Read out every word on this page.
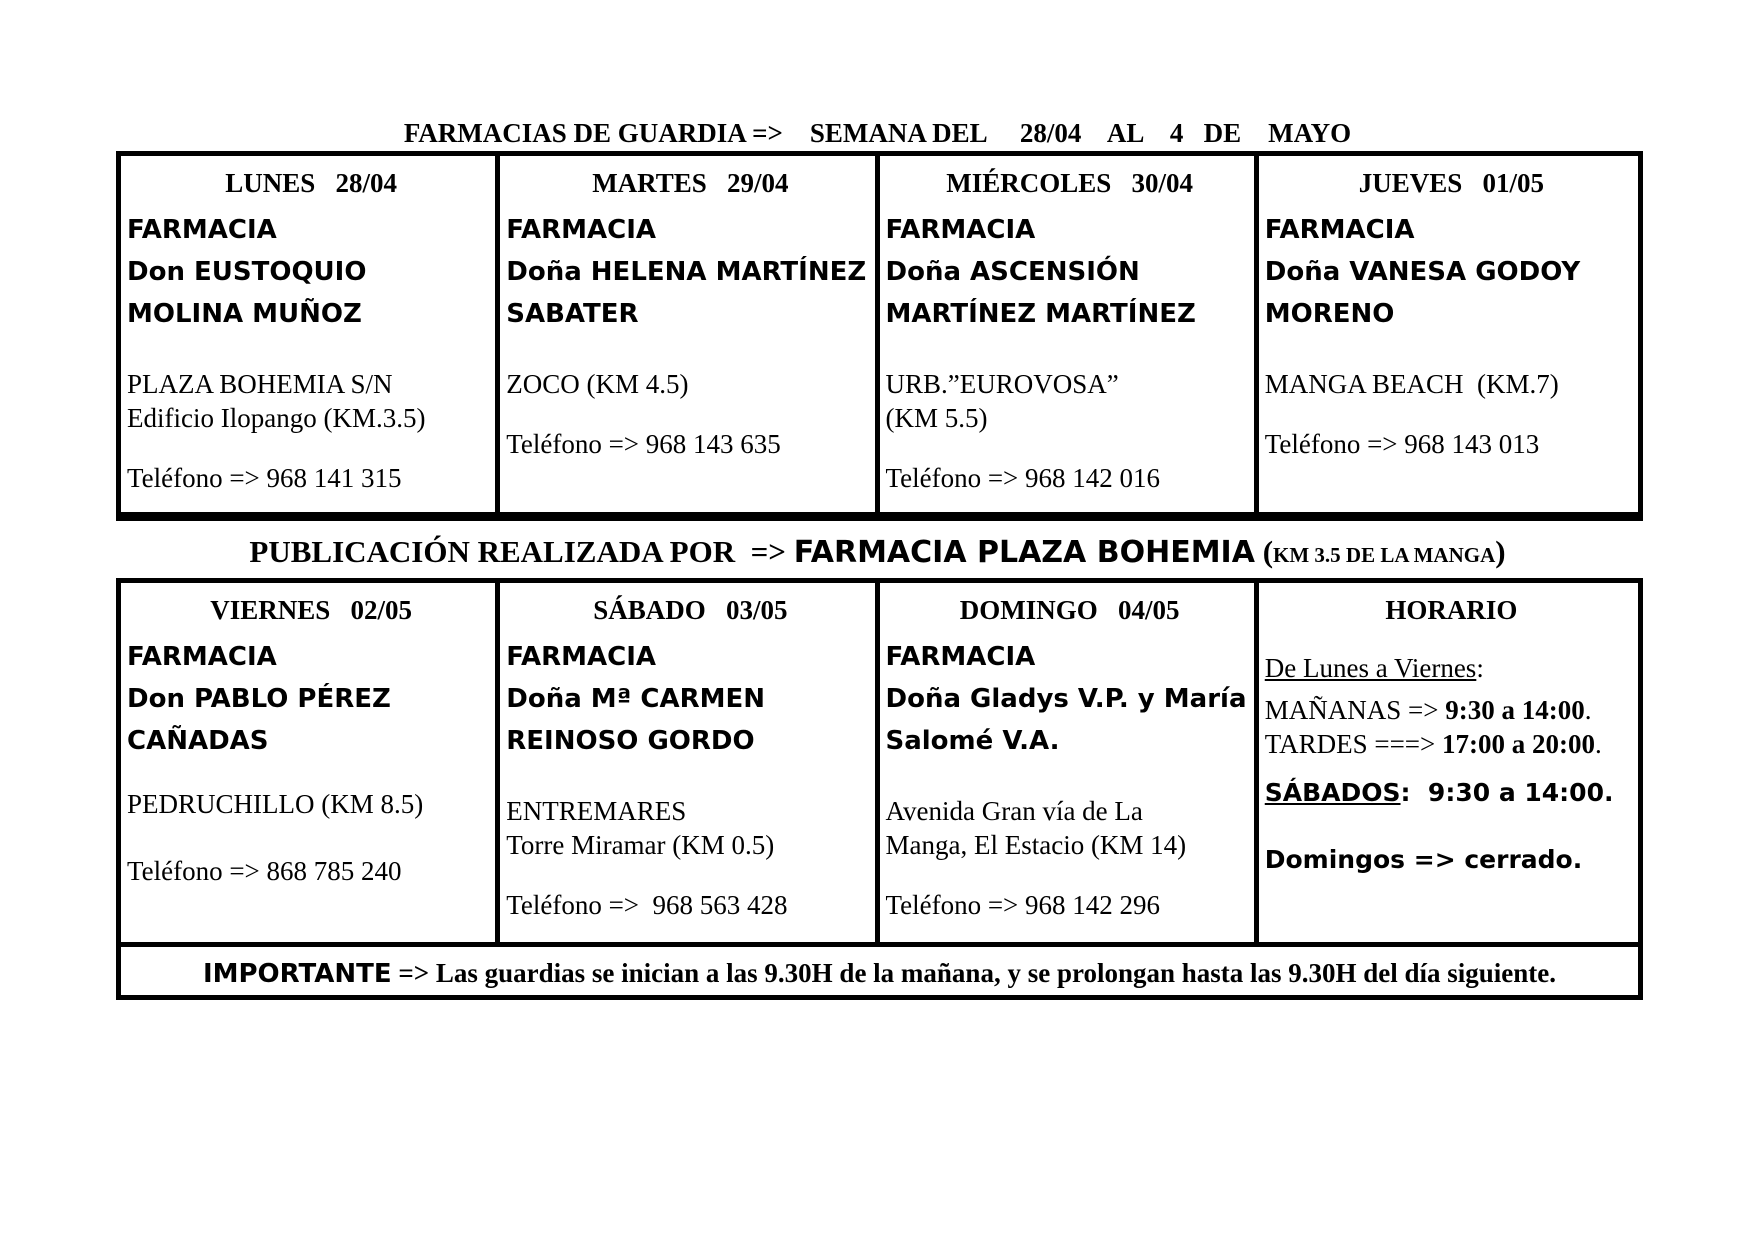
FARMACIAS DE GUARDIA =>    SEMANA DEL     28/04    AL    4   DE    MAYO
LUNES   28/04
FARMACIA
Don EUSTOQUIO
MOLINA MUÑOZ
PLAZA BOHEMIA S/N
Edificio Ilopango (KM.3.5)
Teléfono => 968 141 315
MARTES   29/04
FARMACIA
Doña HELENA MARTÍNEZ
SABATER
ZOCO (KM 4.5)
Teléfono => 968 143 635
MIÉRCOLES   30/04
FARMACIA
Doña ASCENSIÓN
MARTÍNEZ MARTÍNEZ
URB.”EUROVOSA”
(KM 5.5)
Teléfono => 968 142 016
JUEVES   01/05
FARMACIA
Doña VANESA GODOY
MORENO
MANGA BEACH  (KM.7)
Teléfono => 968 143 013
PUBLICACIÓN REALIZADA POR  => FARMACIA PLAZA BOHEMIA (KM 3.5 DE LA MANGA)
VIERNES   02/05
FARMACIA
Don PABLO PÉREZ
CAÑADAS
PEDRUCHILLO (KM 8.5)
Teléfono => 868 785 240
SÁBADO   03/05
FARMACIA
Doña Mª CARMEN
REINOSO GORDO
ENTREMARES
Torre Miramar (KM 0.5)
Teléfono =>  968 563 428
DOMINGO   04/05
FARMACIA
Doña Gladys V.P. y María
Salomé V.A.
Avenida Gran vía de La
Manga, El Estacio (KM 14)
Teléfono => 968 142 296
HORARIO
De Lunes a Viernes:
MAÑANAS => 9:30 a 14:00.
TARDES ===> 17:00 a 20:00.
SÁBADOS:  9:30 a 14:00.
Domingos => cerrado.
IMPORTANTE => Las guardias se inician a las 9.30H de la mañana, y se prolongan hasta las 9.30H del día siguiente.
